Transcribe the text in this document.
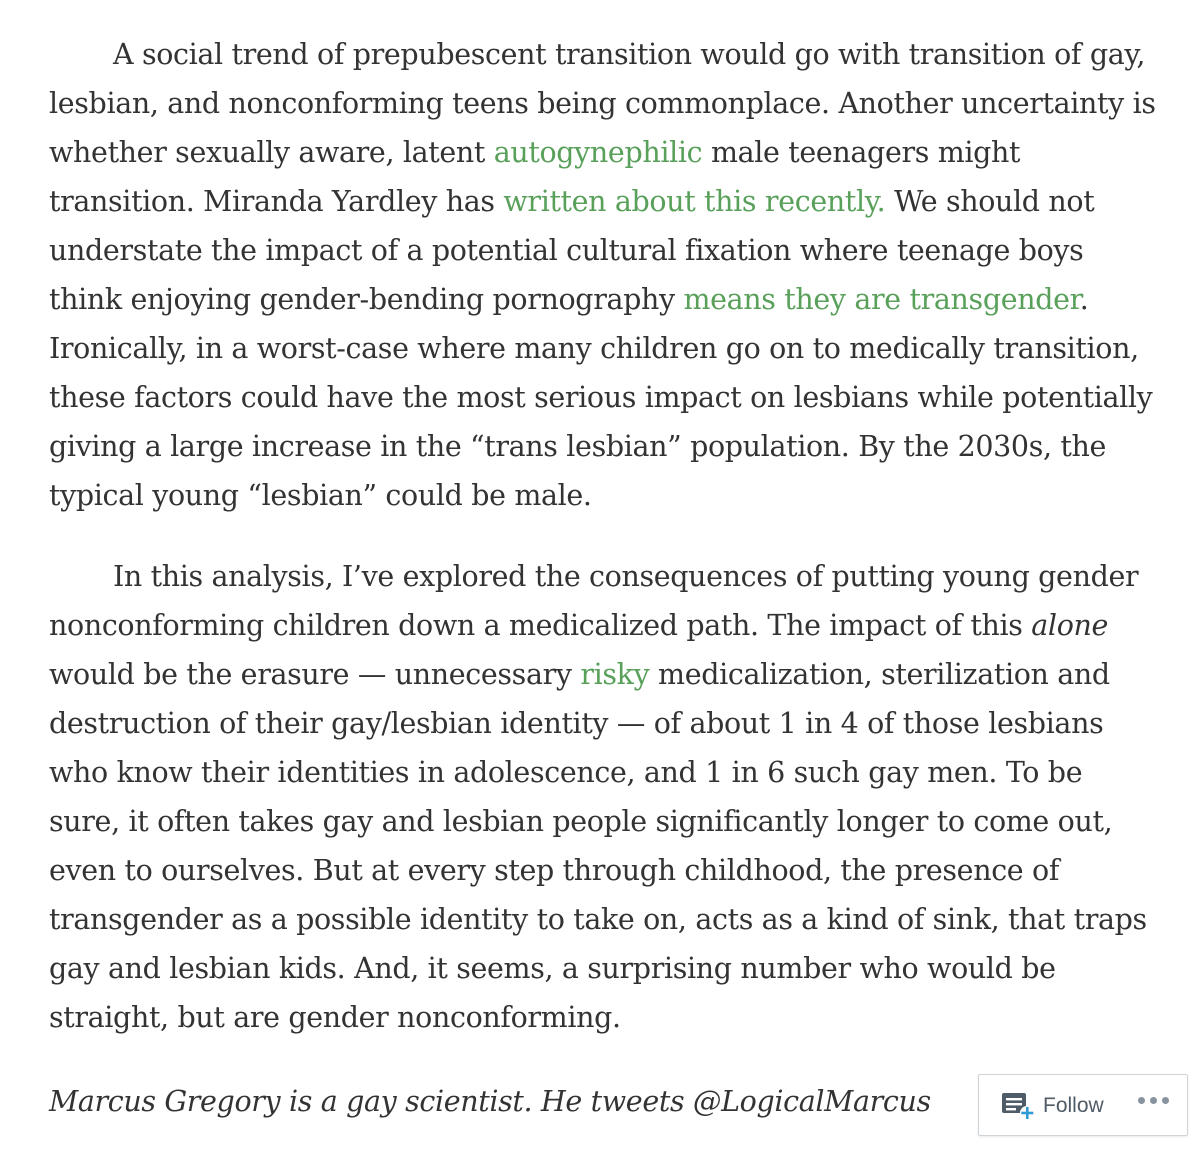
A social trend of prepubescent transition would go with transition of gay, lesbian, and nonconforming teens being commonplace. Another uncertainty is whether sexually aware, latent autogynephilic male teenagers might transition. Miranda Yardley has written about this recently. We should not understate the impact of a potential cultural fixation where teenage boys think enjoying gender-bending pornography means they are transgender. Ironically, in a worst-case where many children go on to medically transition, these factors could have the most serious impact on lesbians while potentially giving a large increase in the “trans lesbian” population. By the 2030s, the typical young “lesbian” could be male.

In this analysis, I’ve explored the consequences of putting young gender nonconforming children down a medicalized path. The impact of this alone would be the erasure — unnecessary risky medicalization, sterilization and destruction of their gay/lesbian identity — of about 1 in 4 of those lesbians who know their identities in adolescence, and 1 in 6 such gay men. To be sure, it often takes gay and lesbian people significantly longer to come out, even to ourselves. But at every step through childhood, the presence of transgender as a possible identity to take on, acts as a kind of sink, that traps gay and lesbian kids. And, it seems, a surprising number who would be straight, but are gender nonconforming.

Marcus Gregory is a gay scientist. He tweets @LogicalMarcus	Follow
